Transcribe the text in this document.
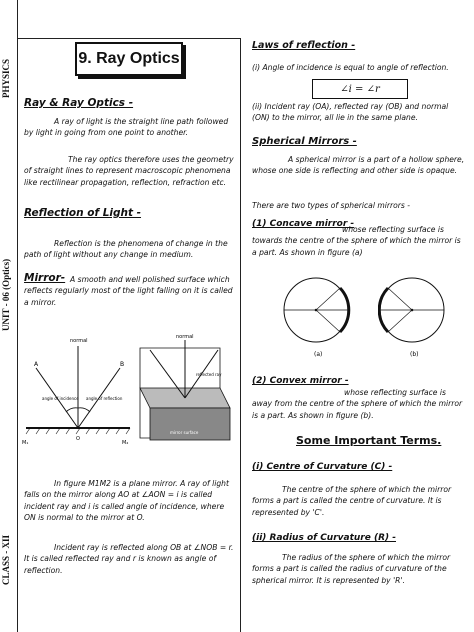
PHYSICS
UNIT - 06 (Optics)
CLASS - XII
9. Ray Optics
Ray & Ray Optics -
A ray of light is the straight line path followed by light in going from one point to another.
The ray optics therefore uses the geometry of straight lines to represent macroscopic phenomena like rectilinear propagation, reflection, refraction etc.
Reflection of Light -
Reflection is the phenomena of change in the path of light without any change in medium.
Mirror- A smooth and well polished surface which reflects regularly most of the light falling on it is called a mirror.
normal
A	B
angle of incidence angle of reflection
O
M₁	M₂
normal
reflected ray
mirror surface
In figure M1M2 is a plane mirror. A ray of light falls on the mirror along AO at ∠AON = i is called incident ray and i is called angle of incidence, where ON is normal to the mirror at O.
Incident ray is reflected along OB at ∠NOB = r. It is called reflected ray and r is known as angle of reflection.
Laws of reflection -
(i) Angle of incidence is equal to angle of reflection.
∠i = ∠r
(ii) Incident ray (OA), reflected ray (OB) and normal (ON) to the mirror, all lie in the same plane.
Spherical Mirrors -
A spherical mirror is a part of a hollow sphere, whose one side is reflecting and other side is opaque.
There are two types of spherical mirrors -
(1) Concave mirror -
whose reflecting surface is towards the centre of the sphere of which the mirror is a part. As shown in figure (a)
(a)	(b)
(2) Convex mirror -
whose reflecting surface is away from the centre of the sphere of which the mirror is a part. As shown in figure (b).
Some Important Terms.
(i) Centre of Curvature (C) -
The centre of the sphere of which the mirror forms a part is called the centre of curvature. It is represented by 'C'.
(ii) Radius of Curvature (R) -
The radius of the sphere of which the mirror forms a part is called the radius of curvature of the spherical mirror. It is represented by 'R'.
